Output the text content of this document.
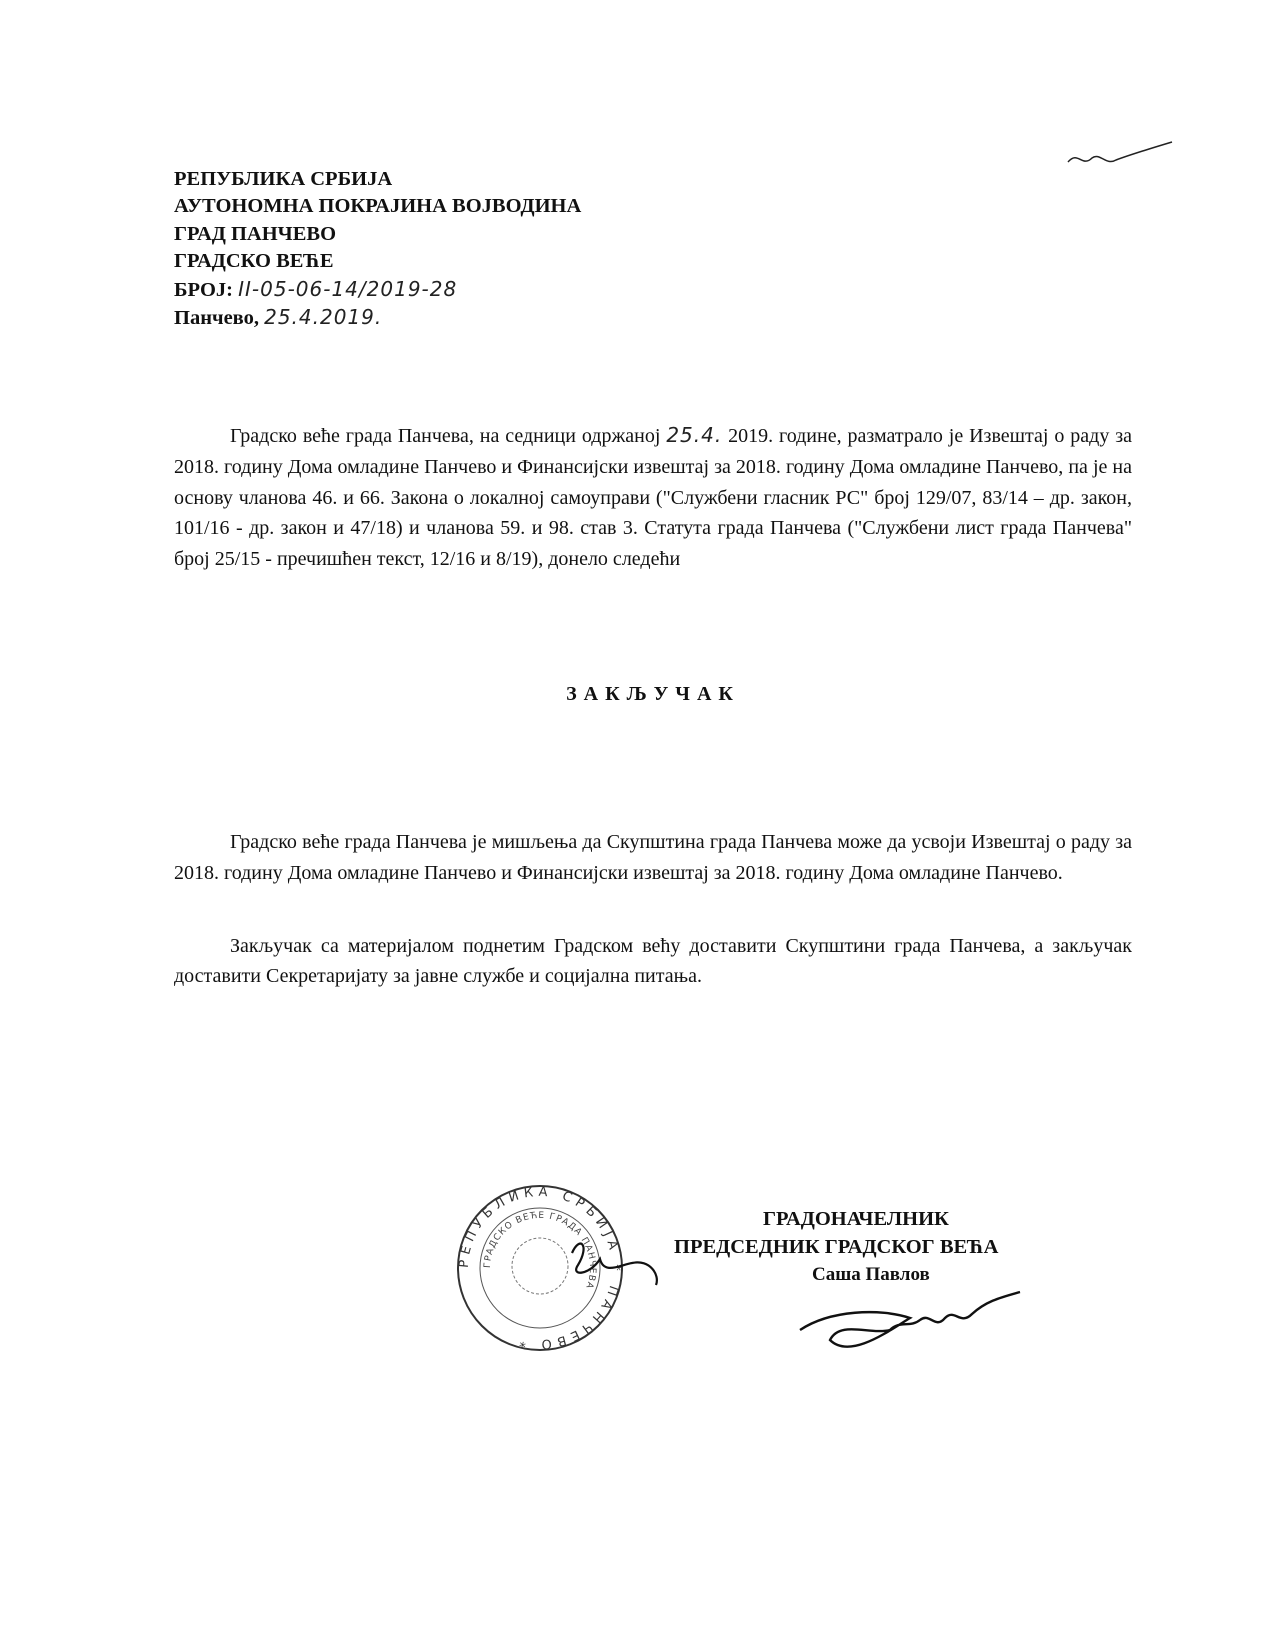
РЕПУБЛИКА СРБИЈА
АУТОНОМНА ПОКРАЈИНА ВОЈВОДИНА
ГРАД ПАНЧЕВО
ГРАДСКО ВЕЋЕ
БРОЈ: II-05-06-14/2019-28
Панчево, 25.4.2019.
Градско веће града Панчева, на седници одржаној 25.4. 2019. године, разматрало је Извештај о раду за 2018. годину Дома омладине Панчево и Финансијски извештај за 2018. годину Дома омладине Панчево, па је на основу чланова 46. и 66. Закона о локалној самоуправи ("Службени гласник РС" број 129/07, 83/14 – др. закон, 101/16 - др. закон и 47/18) и чланова 59. и 98. став 3. Статута града Панчева ("Службени лист града Панчева" број 25/15 - пречишћен текст, 12/16 и 8/19), донело следећи
ЗАКЉУЧАК
Градско веће града Панчева је мишљења да Скупштина града Панчева може да усвоји Извештај о раду за 2018. годину Дома омладине Панчево и Финансијски извештај за 2018. годину Дома омладине Панчево.
Закључак са материјалом поднетим Градском већу доставити Скупштини града Панчева, а закључак доставити Секретаријату за јавне службе и социјална питања.
РЕПУБЛИКА СРБИЈА * ПАНЧЕВО *
ГРАДСКО ВЕЋЕ ГРАДА ПАНЧЕВА
ГРАДОНАЧЕЛНИК
ПРЕДСЕДНИК ГРАДСКОГ ВЕЋА
Саша Павлов
